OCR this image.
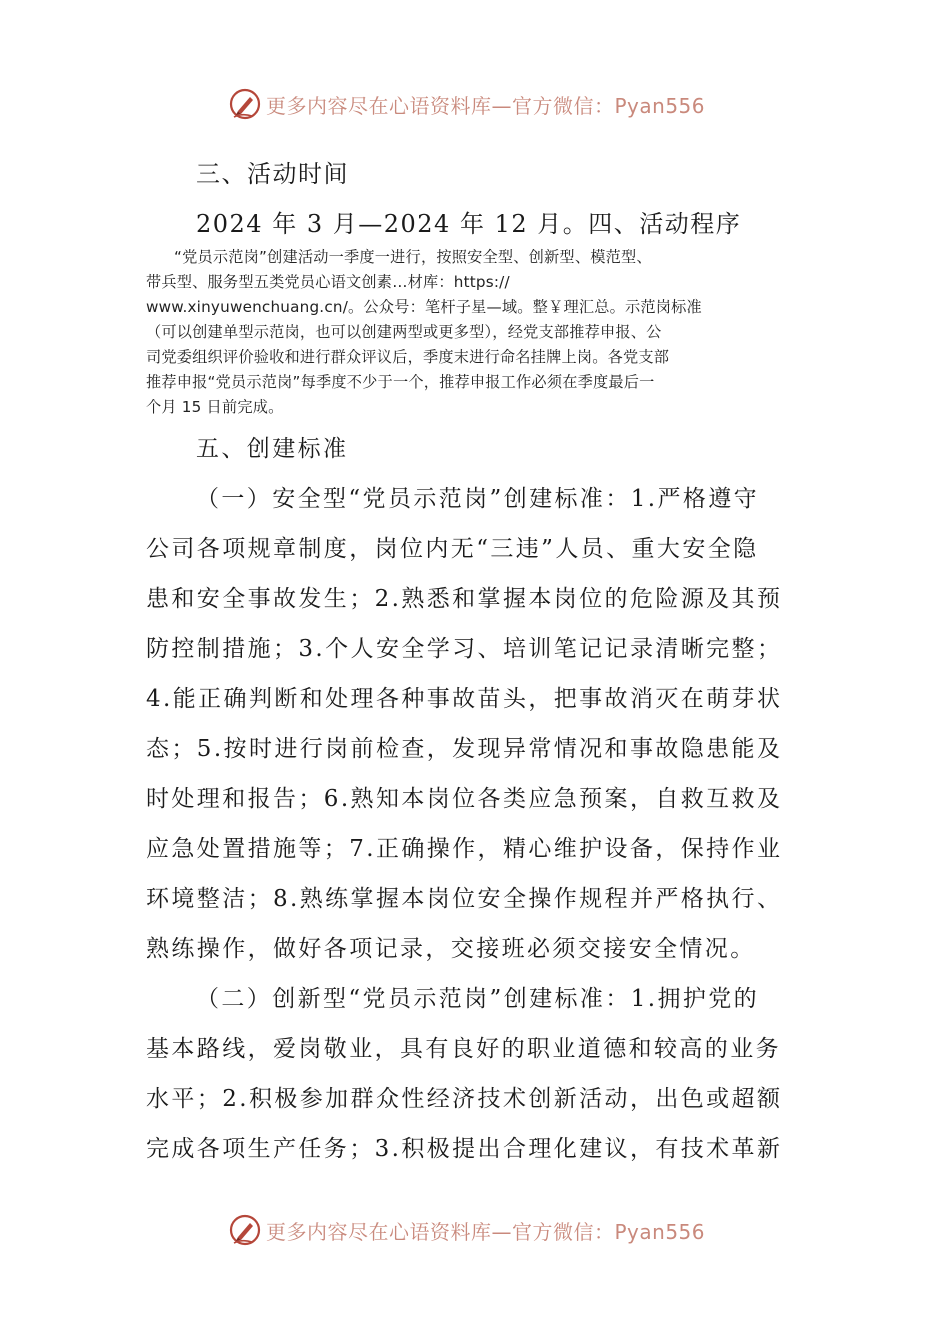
更多内容尽在心语资料库—官方微信：Pyan556
三、活动时间
2024 年 3 月—2024 年 12 月。四、活动程序
“党员示范岗”创建活动一季度一进行，按照安全型、创新型、模范型、
带兵型、服务型五类党员心语文创素…材库：https://
www.xinyuwenchuang.cn/。公众号：笔杆子星—域。整￥理汇总。示范岗标准
（可以创建单型示范岗，也可以创建两型或更多型），经党支部推荐申报、公
司党委组织评价验收和进行群众评议后，季度末进行命名挂牌上岗。各党支部
推荐申报“党员示范岗”每季度不少于一个，推荐申报工作必须在季度最后一
个月 15 日前完成。
五、创建标准
（一）安全型“党员示范岗”创建标准：1.严格遵守
公司各项规章制度，岗位内无“三违”人员、重大安全隐
患和安全事故发生；2.熟悉和掌握本岗位的危险源及其预
防控制措施；3.个人安全学习、培训笔记记录清晰完整；
4.能正确判断和处理各种事故苗头，把事故消灭在萌芽状
态；5.按时进行岗前检查，发现异常情况和事故隐患能及
时处理和报告；6.熟知本岗位各类应急预案，自救互救及
应急处置措施等；7.正确操作，精心维护设备，保持作业
环境整洁；8.熟练掌握本岗位安全操作规程并严格执行、
熟练操作，做好各项记录，交接班必须交接安全情况。
（二）创新型“党员示范岗”创建标准：1.拥护党的
基本路线，爱岗敬业，具有良好的职业道德和较高的业务
水平；2.积极参加群众性经济技术创新活动，出色或超额
完成各项生产任务；3.积极提出合理化建议，有技术革新
更多内容尽在心语资料库—官方微信：Pyan556
